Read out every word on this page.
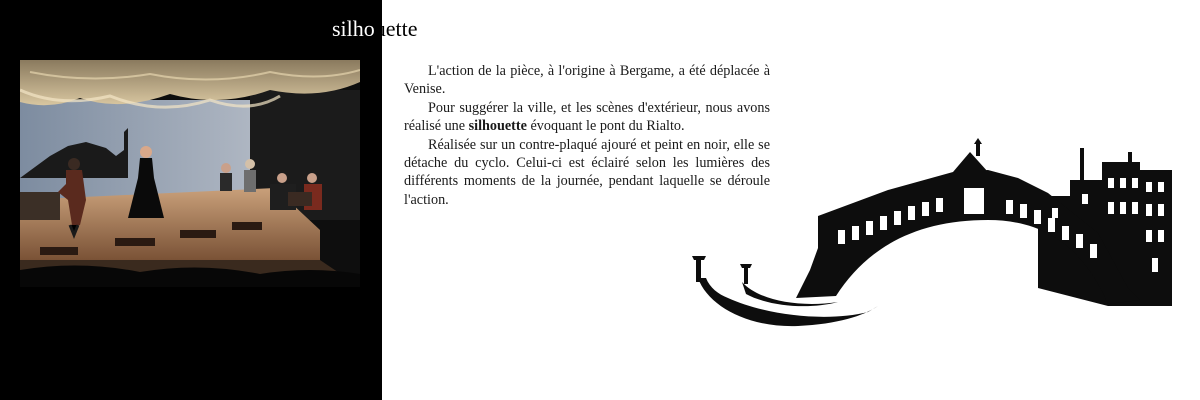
silhouette

L'action de la pièce, à l'origine à Bergame, a été déplacée à Venise.

Pour suggérer la ville, et les scènes d'extérieur, nous avons réalisé une silhouette évoquant le pont du Rialto.

Réalisée sur un contre-plaqué ajouré et peint en noir, elle se détache du cyclo. Celui-ci est éclairé selon les lumières des différents moments de la journée, pendant laquelle se déroule l'action.
